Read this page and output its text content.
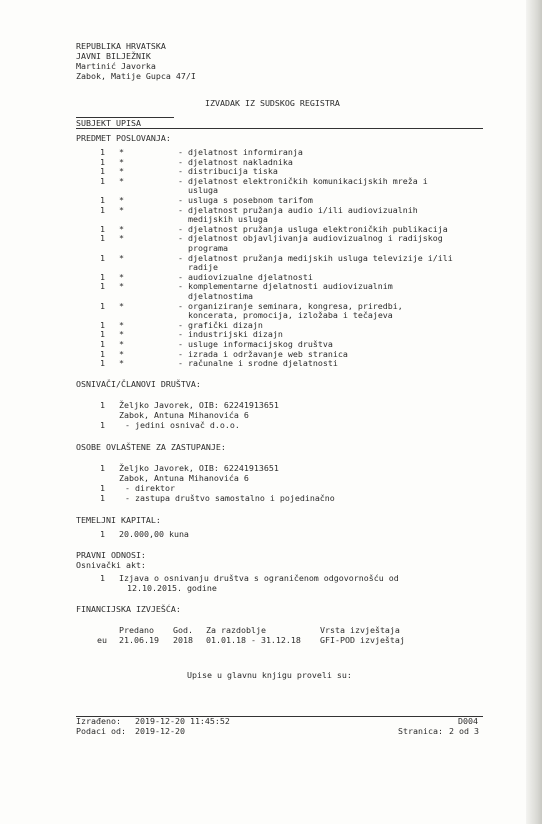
REPUBLIKA HRVATSKA
JAVNI BILJEŽNIK
Martinić Javorka
Zabok, Matije Gupca 47/I
IZVADAK IZ SUDSKOG REGISTRA
SUBJEKT UPISA
PREDMET POSLOVANJA:
1 *	- djelatnost informiranja
1 *	- djelatnost nakladnika
1 *	- distribucija tiska
1 *	- djelatnost elektroničkih komunikacijskih mreža i
usluga
1 *	- usluga s posebnom tarifom
1 *	- djelatnost pružanja audio i/ili audiovizualnih
medijskih usluga
1 *	- djelatnost pružanja usluga elektroničkih publikacija
1 *	- djelatnost objavljivanja audiovizualnog i radijskog
programa
1 *	- djelatnost pružanja medijskih usluga televizije i/ili
radije
1 *	- audiovizualne djelatnosti
1 *	- komplementarne djelatnosti audiovizualnim
djelatnostima
1 *	- organiziranje seminara, kongresa, priredbi,
koncerata, promocija, izložaba i tečajeva
1 *	- grafički dizajn
1 *	- industrijski dizajn
1 *	- usluge informacijskog društva
1 *	- izrada i održavanje web stranica
1 *	- računalne i srodne djelatnosti
OSNIVAČI/ČLANOVI DRUŠTVA:
1 Željko Javorek, OIB: 62241913651
Zabok, Antuna Mihanovića 6
1 - jedini osnivač d.o.o.
OSOBE OVLAŠTENE ZA ZASTUPANJE:
1 Željko Javorek, OIB: 62241913651
Zabok, Antuna Mihanovića 6
1 - direktor
1 - zastupa društvo samostalno i pojedinačno
TEMELJNI KAPITAL:
1 20.000,00 kuna
PRAVNI ODNOSI:
Osnivački akt:
1 Izjava o osnivanju društva s ograničenom odgovornošću od
12.10.2015. godine
FINANCIJSKA IZVJEŠĆA:
Predano God. Za razdoblje	Vrsta izvještaja
eu 21.06.19 2018 01.01.18 - 31.12.18 GFI-POD izvještaj
Upise u glavnu knjigu proveli su:
Izrađeno: 2019-12-20 11:45:52
Podaci od: 2019-12-20
D004
Stranica: 2 od 3
